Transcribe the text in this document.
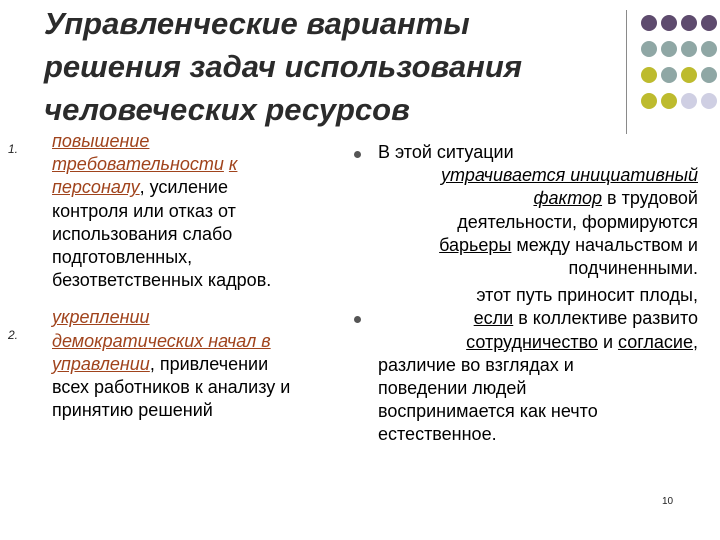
Управленческие варианты
решения задач использования
человеческих ресурсов
1.
2.
повышение
требовательности к
персоналу, усиление
контроля или отказ от
использования слабо
подготовленных,
безответственных кадров.
укреплении
демократических начал в
управлении, привлечении
всех работников к анализу и
принятию решений
В этой ситуации
утрачивается инициативный
фактор в трудовой
деятельности, формируются
барьеры между начальством и
подчиненными.
этот путь приносит плоды,
если в коллективе развито
сотрудничество и согласие,
различие во взглядах и
поведении людей
воспринимается как нечто
естественное.
10
